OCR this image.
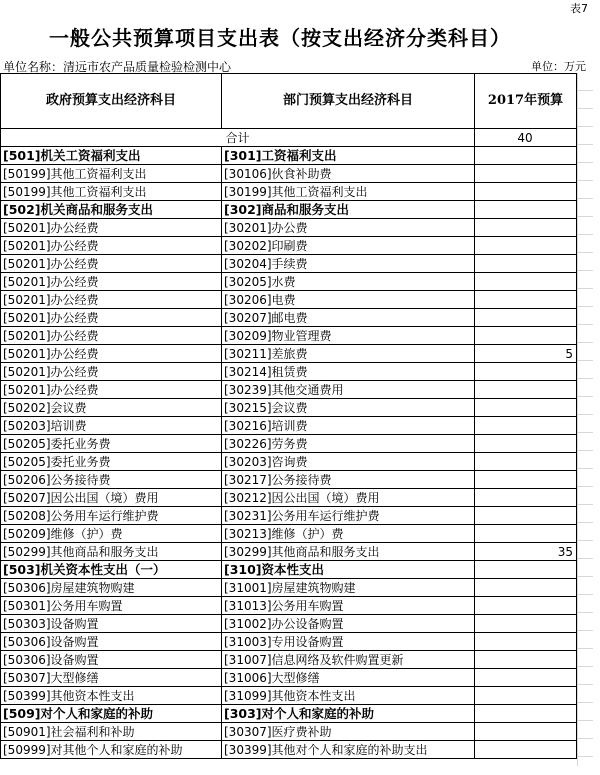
表7
一般公共预算项目支出表（按支出经济分类科目）
单位名称：清远市农产品质量检验检测中心	单位：万元
政府预算支出经济科目	部门预算支出经济科目	2017年预算
合计		40
[501]机关工资福利支出	[301]工资福利支出	
[50199]其他工资福利支出	[30106]伙食补助费	
[50199]其他工资福利支出	[30199]其他工资福利支出	
[502]机关商品和服务支出	[302]商品和服务支出	
[50201]办公经费	[30201]办公费	
[50201]办公经费	[30202]印刷费	
[50201]办公经费	[30204]手续费	
[50201]办公经费	[30205]水费	
[50201]办公经费	[30206]电费	
[50201]办公经费	[30207]邮电费	
[50201]办公经费	[30209]物业管理费	
[50201]办公经费	[30211]差旅费	5
[50201]办公经费	[30214]租赁费	
[50201]办公经费	[30239]其他交通费用	
[50202]会议费	[30215]会议费	
[50203]培训费	[30216]培训费	
[50205]委托业务费	[30226]劳务费	
[50205]委托业务费	[30203]咨询费	
[50206]公务接待费	[30217]公务接待费	
[50207]因公出国（境）费用	[30212]因公出国（境）费用	
[50208]公务用车运行维护费	[30231]公务用车运行维护费	
[50209]维修（护）费	[30213]维修（护）费	
[50299]其他商品和服务支出	[30299]其他商品和服务支出	35
[503]机关资本性支出（一）	[310]资本性支出	
[50306]房屋建筑物购建	[31001]房屋建筑物购建	
[50301]公务用车购置	[31013]公务用车购置	
[50303]设备购置	[31002]办公设备购置	
[50306]设备购置	[31003]专用设备购置	
[50306]设备购置	[31007]信息网络及软件购置更新	
[50307]大型修缮	[31006]大型修缮	
[50399]其他资本性支出	[31099]其他资本性支出	
[509]对个人和家庭的补助	[303]对个人和家庭的补助	
[50901]社会福利和补助	[30307]医疗费补助	
[50999]对其他个人和家庭的补助	[30399]其他对个人和家庭的补助支出	
